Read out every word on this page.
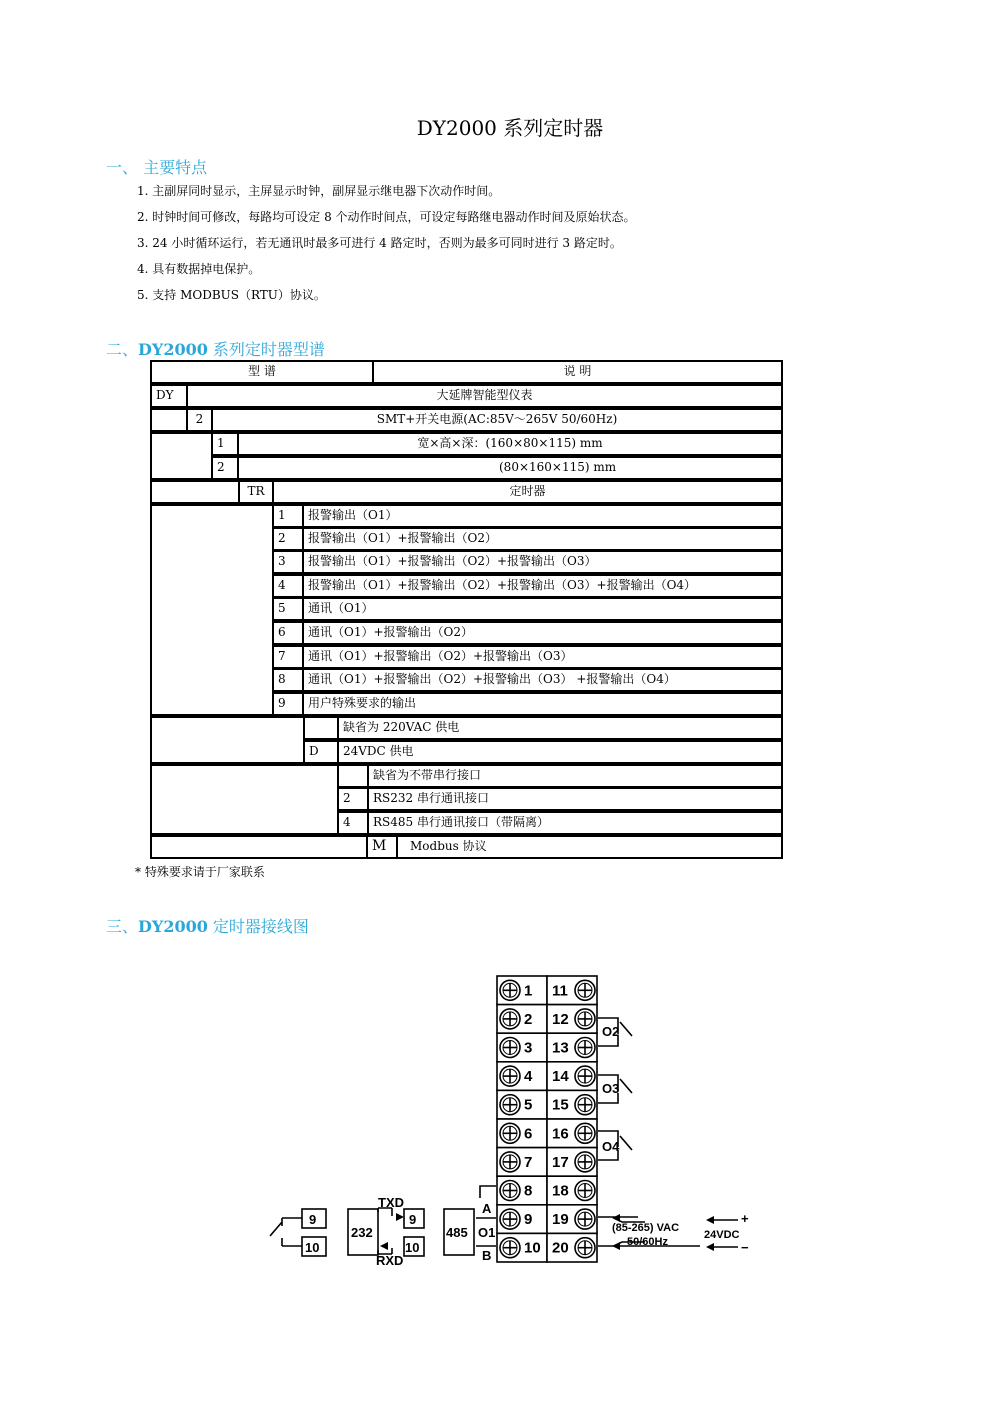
DY2000 系列定时器
一、 主要特点
1. 主副屏同时显示，主屏显示时钟，副屏显示继电器下次动作时间。
2. 时钟时间可修改，每路均可设定 8 个动作时间点，可设定每路继电器动作时间及原始状态。
3. 24 小时循环运行，若无通讯时最多可进行 4 路定时，否则为最多可同时进行 3 路定时。
4. 具有数据掉电保护。
5. 支持 MODBUS（RTU）协议。
二、DY2000 系列定时器型谱
型 谱	说 明
DY	大延牌智能型仪表
2	SMT+开关电源(AC:85V～265V 50/60Hz)
1	宽×高×深：(160×80×115) mm
2	(80×160×115) mm
TR	定时器
1	报警输出（O1）
2	报警输出（O1）+报警输出（O2）
3	报警输出（O1）+报警输出（O2）+报警输出（O3）
4	报警输出（O1）+报警输出（O2）+报警输出（O3）+报警输出（O4）
5	通讯（O1）
6	通讯（O1）+报警输出（O2）
7	通讯（O1）+报警输出（O2）+报警输出（O3）
8	通讯（O1）+报警输出（O2）+报警输出（O3） +报警输出（O4）
9	用户特殊要求的输出
缺省为 220VAC 供电
D	24VDC 供电
缺省为不带串行接口
2	RS232 串行通讯接口
4	RS485 串行通讯接口（带隔离）
M	Modbus 协议
* 特殊要求请于厂家联系
三、DY2000 定时器接线图
1 11
2 12
3 13
4 14
5 15
6 16
7 17
8 18
9 19
10 20
9
10
232
TXD
RXD
9
10
485
A
B
O1
O2
O3
O4
(85-265) VAC
50/60Hz
24VDC
+
−
